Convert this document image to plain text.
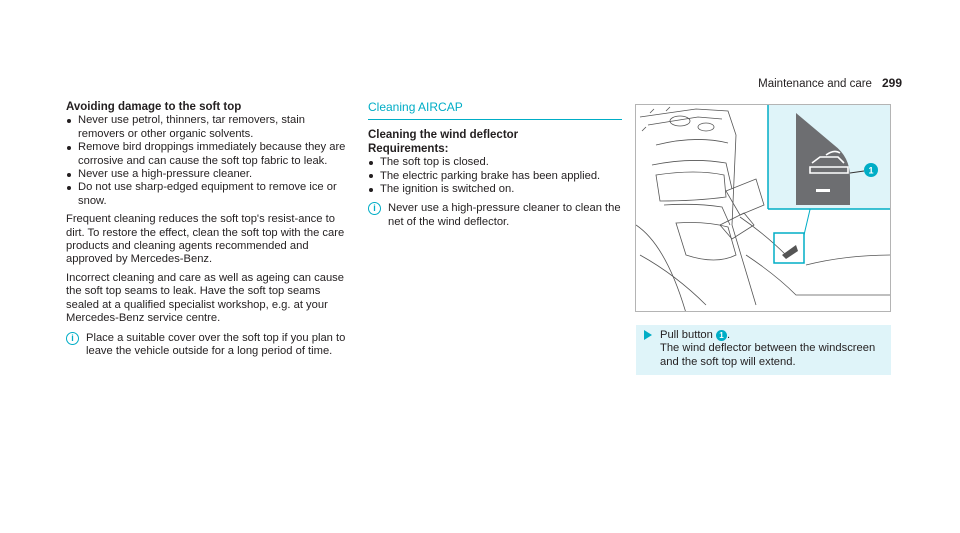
Maintenance and care 299
Avoiding damage to the soft top
Never use petrol, thinners, tar removers, stain removers or other organic solvents.
Remove bird droppings immediately because they are corrosive and can cause the soft top fabric to leak.
Never use a high-pressure cleaner.
Do not use sharp-edged equipment to remove ice or snow.
Frequent cleaning reduces the soft top's resist-ance to dirt. To restore the effect, clean the soft top with the care products and cleaning agents recommended and approved by Mercedes-Benz.
Incorrect cleaning and care as well as ageing can cause the soft top seams to leak. Have the soft top seams sealed at a qualified specialist workshop, e.g. at your Mercedes-Benz service centre.
i	Place a suitable cover over the soft top if you plan to leave the vehicle outside for a long period of time.
Cleaning AIRCAP
Cleaning the wind deflector
Requirements:
The soft top is closed.
The electric parking brake has been applied.
The ignition is switched on.
i	Never use a high-pressure cleaner to clean the net of the wind deflector.
1
Pull button 1 .
The wind deflector between the windscreen and the soft top will extend.
